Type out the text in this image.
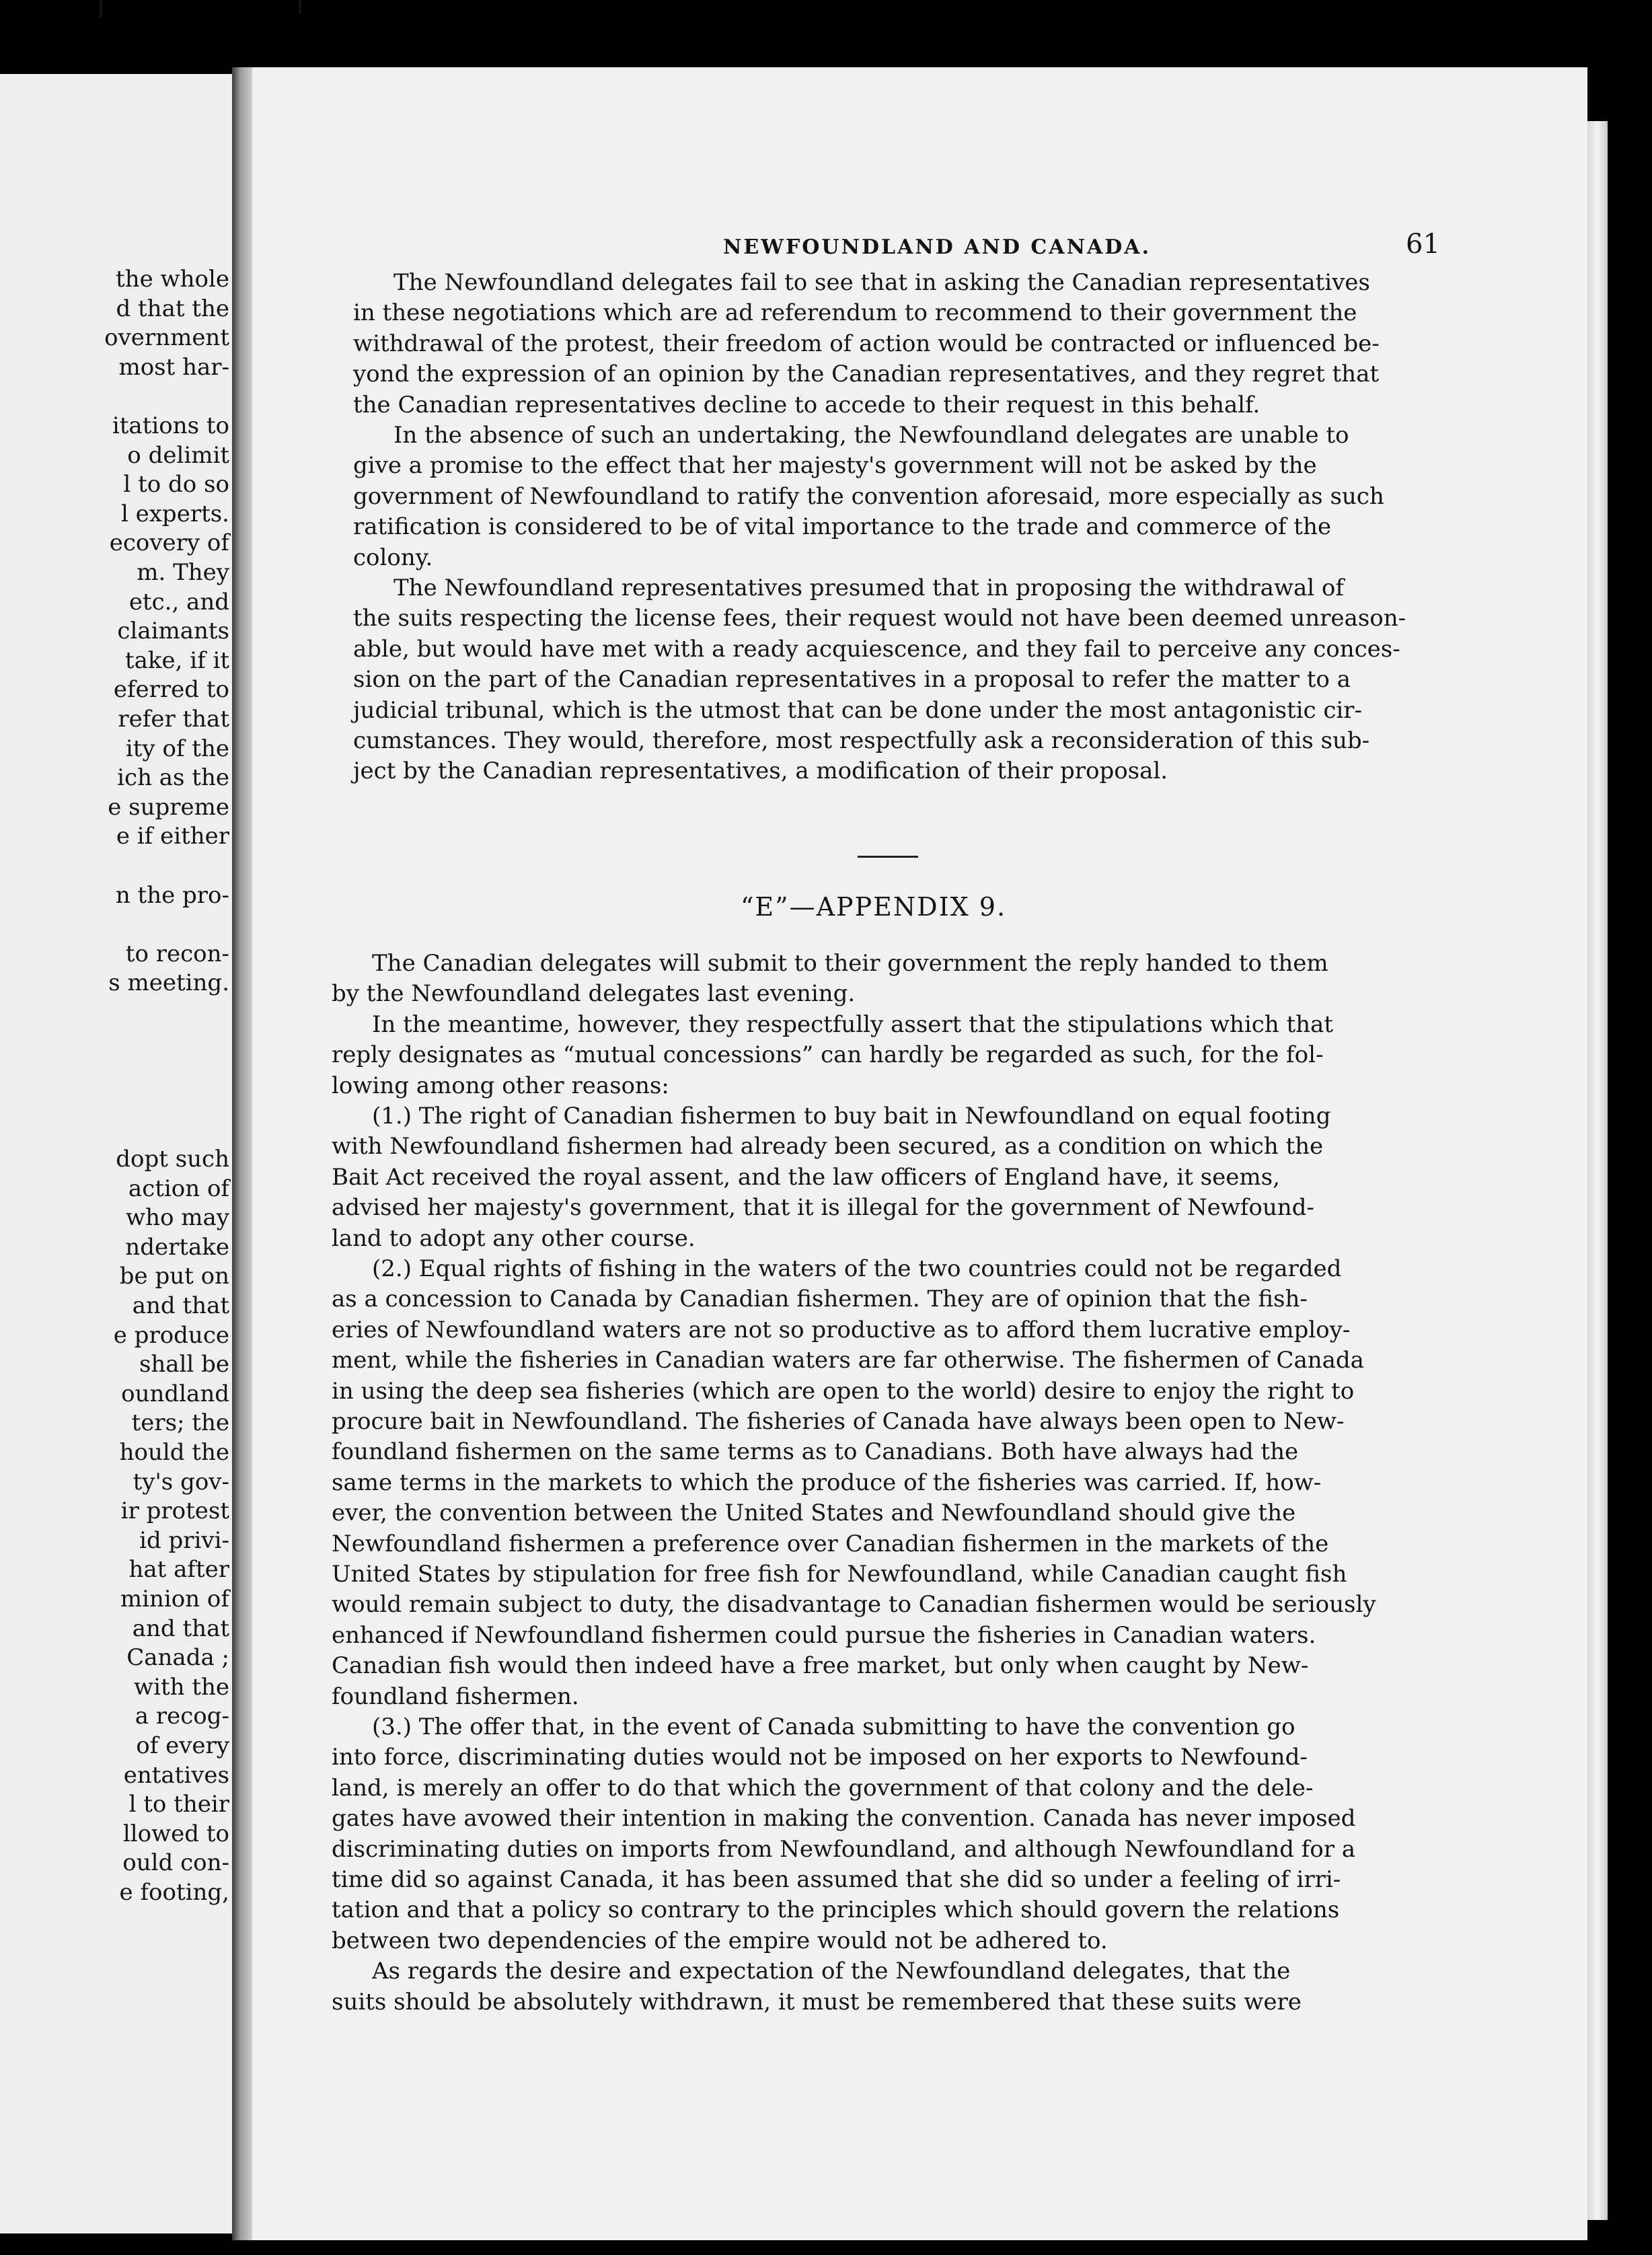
the whole
d that the
overnment
most har-
itations to
o delimit
l to do so
l experts.
ecovery of
m. They
etc., and
claimants
take, if it
eferred to
refer that
ity of the
ich as the
e supreme
e if either
n the pro-
to recon-
s meeting.
dopt such
action of
who may
ndertake
be put on
and that
e produce
shall be
oundland
ters; the
hould the
ty's gov-
ir protest
id privi-
hat after
minion of
and that
Canada ;
with the
a recog-
of every
entatives
l to their
llowed to
ould con-
e footing,
NEWFOUNDLAND AND CANADA.	61
The Newfoundland delegates fail to see that in asking the Canadian representatives
in these negotiations which are ad referendum to recommend to their government the
withdrawal of the protest, their freedom of action would be contracted or influenced be-
yond the expression of an opinion by the Canadian representatives, and they regret that
the Canadian representatives decline to accede to their request in this behalf.
In the absence of such an undertaking, the Newfoundland delegates are unable to
give a promise to the effect that her majesty's government will not be asked by the
government of Newfoundland to ratify the convention aforesaid, more especially as such
ratification is considered to be of vital importance to the trade and commerce of the
colony.
The Newfoundland representatives presumed that in proposing the withdrawal of
the suits respecting the license fees, their request would not have been deemed unreason-
able, but would have met with a ready acquiescence, and they fail to perceive any conces-
sion on the part of the Canadian representatives in a proposal to refer the matter to a
judicial tribunal, which is the utmost that can be done under the most antagonistic cir-
cumstances. They would, therefore, most respectfully ask a reconsideration of this sub-
ject by the Canadian representatives, a modification of their proposal.
“E”—APPENDIX 9.
The Canadian delegates will submit to their government the reply handed to them
by the Newfoundland delegates last evening.
In the meantime, however, they respectfully assert that the stipulations which that
reply designates as “mutual concessions” can hardly be regarded as such, for the fol-
lowing among other reasons:
(1.) The right of Canadian fishermen to buy bait in Newfoundland on equal footing
with Newfoundland fishermen had already been secured, as a condition on which the
Bait Act received the royal assent, and the law officers of England have, it seems,
advised her majesty's government, that it is illegal for the government of Newfound-
land to adopt any other course.
(2.) Equal rights of fishing in the waters of the two countries could not be regarded
as a concession to Canada by Canadian fishermen. They are of opinion that the fish-
eries of Newfoundland waters are not so productive as to afford them lucrative employ-
ment, while the fisheries in Canadian waters are far otherwise. The fishermen of Canada
in using the deep sea fisheries (which are open to the world) desire to enjoy the right to
procure bait in Newfoundland. The fisheries of Canada have always been open to New-
foundland fishermen on the same terms as to Canadians. Both have always had the
same terms in the markets to which the produce of the fisheries was carried. If, how-
ever, the convention between the United States and Newfoundland should give the
Newfoundland fishermen a preference over Canadian fishermen in the markets of the
United States by stipulation for free fish for Newfoundland, while Canadian caught fish
would remain subject to duty, the disadvantage to Canadian fishermen would be seriously
enhanced if Newfoundland fishermen could pursue the fisheries in Canadian waters.
Canadian fish would then indeed have a free market, but only when caught by New-
foundland fishermen.
(3.) The offer that, in the event of Canada submitting to have the convention go
into force, discriminating duties would not be imposed on her exports to Newfound-
land, is merely an offer to do that which the government of that colony and the dele-
gates have avowed their intention in making the convention. Canada has never imposed
discriminating duties on imports from Newfoundland, and although Newfoundland for a
time did so against Canada, it has been assumed that she did so under a feeling of irri-
tation and that a policy so contrary to the principles which should govern the relations
between two dependencies of the empire would not be adhered to.
As regards the desire and expectation of the Newfoundland delegates, that the
suits should be absolutely withdrawn, it must be remembered that these suits were
